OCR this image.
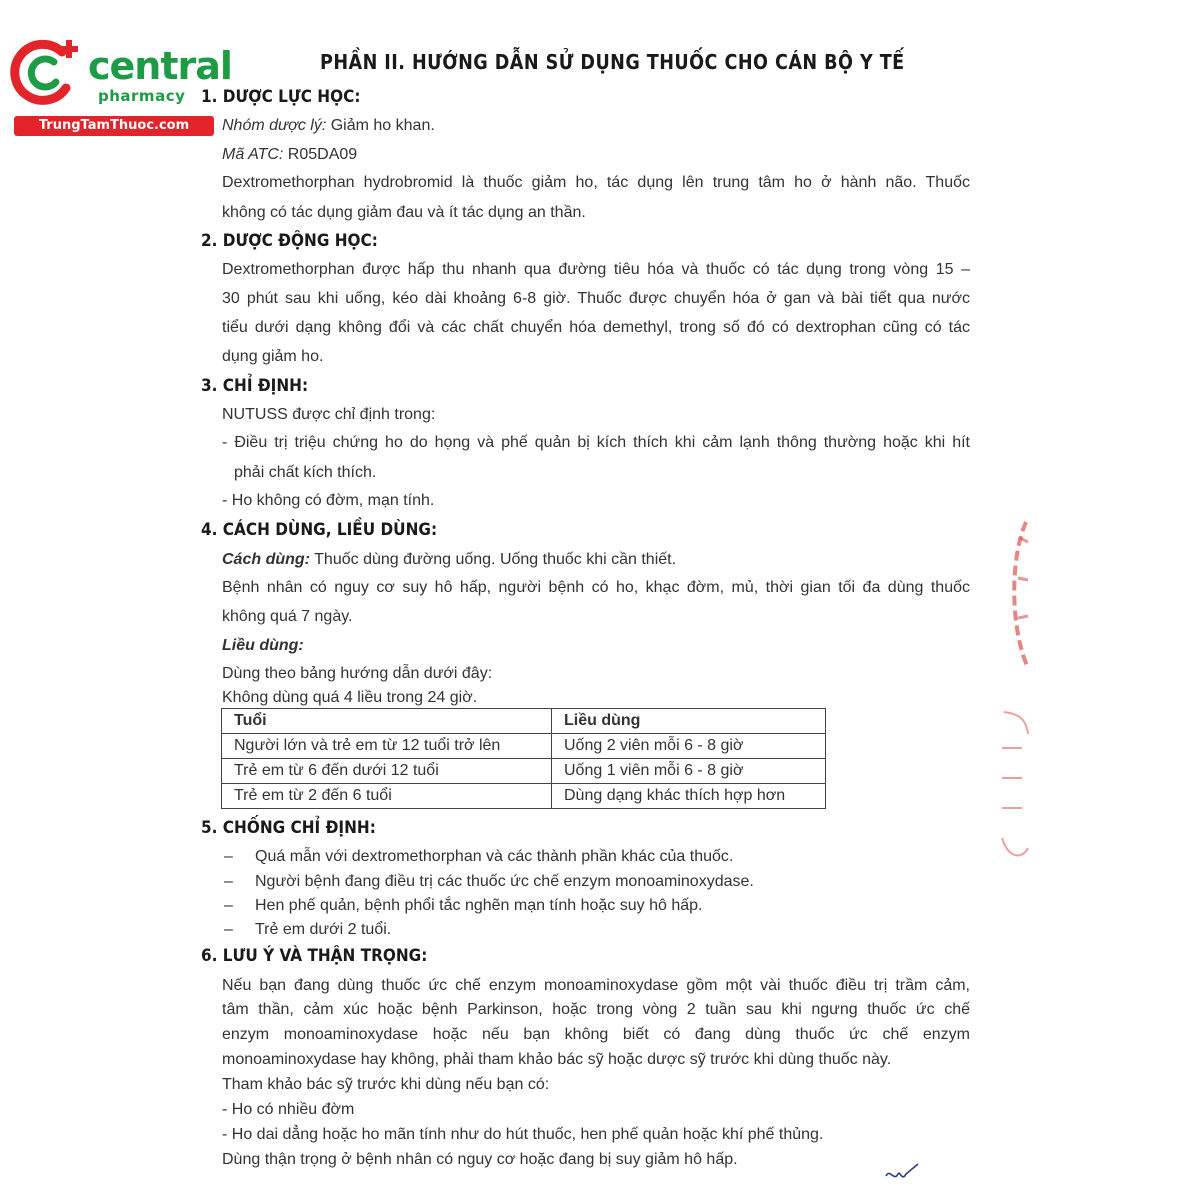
central
pharmacy
TrungTamThuoc.com
PHẦN II. HƯỚNG DẪN SỬ DỤNG THUỐC CHO CÁN BỘ Y TẾ
1. DƯỢC LỰC HỌC:
Nhóm dược lý: Giảm ho khan.
Mã ATC: R05DA09
Dextromethorphan hydrobromid là thuốc giảm ho, tác dụng lên trung tâm ho ở hành não. Thuốc
không có tác dụng giảm đau và ít tác dụng an thần.
2. DƯỢC ĐỘNG HỌC:
Dextromethorphan được hấp thu nhanh qua đường tiêu hóa và thuốc có tác dụng trong vòng 15 –
30 phút sau khi uống, kéo dài khoảng 6-8 giờ. Thuốc được chuyển hóa ở gan và bài tiết qua nước
tiểu dưới dạng không đổi và các chất chuyển hóa demethyl, trong số đó có dextrophan cũng có tác
dụng giảm ho.
3. CHỈ ĐỊNH:
NUTUSS được chỉ định trong:
- Điều trị triệu chứng ho do họng và phế quản bị kích thích khi cảm lạnh thông thường hoặc khi hít
phải chất kích thích.
- Ho không có đờm, mạn tính.
4. CÁCH DÙNG, LIỀU DÙNG:
Cách dùng: Thuốc dùng đường uống. Uống thuốc khi cần thiết.
Bệnh nhân có nguy cơ suy hô hấp, người bệnh có ho, khạc đờm, mủ, thời gian tối đa dùng thuốc
không quá 7 ngày.
Liều dùng:
Dùng theo bảng hướng dẫn dưới đây:
Không dùng quá 4 liều trong 24 giờ.
Tuổi	Liều dùng
Người lớn và trẻ em từ 12 tuổi trở lên	Uống 2 viên mỗi 6 - 8 giờ
Trẻ em từ 6 đến dưới 12 tuổi	Uống 1 viên mỗi 6 - 8 giờ
Trẻ em từ 2 đến 6 tuổi	Dùng dạng khác thích hợp hơn
5. CHỐNG CHỈ ĐỊNH:
– Quá mẫn với dextromethorphan và các thành phần khác của thuốc.
– Người bệnh đang điều trị các thuốc ức chế enzym monoaminoxydase.
– Hen phế quản, bệnh phổi tắc nghẽn mạn tính hoặc suy hô hấp.
– Trẻ em dưới 2 tuổi.
6. LƯU Ý VÀ THẬN TRỌNG:
Nếu bạn đang dùng thuốc ức chế enzym monoaminoxydase gồm một vài thuốc điều trị trầm cảm,
tâm thần, cảm xúc hoặc bệnh Parkinson, hoặc trong vòng 2 tuần sau khi ngưng thuốc ức chế
enzym monoaminoxydase hoặc nếu bạn không biết có đang dùng thuốc ức chế enzym
monoaminoxydase hay không, phải tham khảo bác sỹ hoặc dược sỹ trước khi dùng thuốc này.
Tham khảo bác sỹ trước khi dùng nếu bạn có:
- Ho có nhiều đờm
- Ho dai dẳng hoặc ho mãn tính như do hút thuốc, hen phế quản hoặc khí phế thủng.
Dùng thận trọng ở bệnh nhân có nguy cơ hoặc đang bị suy giảm hô hấp.
